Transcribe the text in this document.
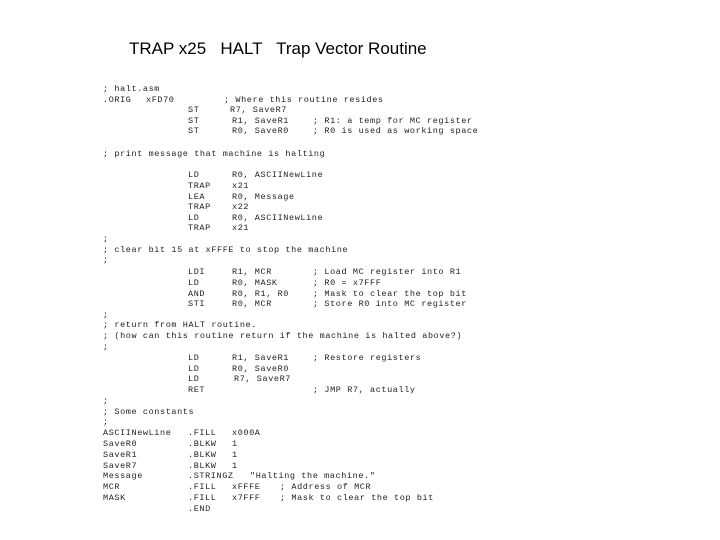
TRAP x25   HALT   Trap Vector Routine
; halt.asm
.ORIG xFD70	; Where this routine resides
ST	R7, SaveR7
ST	R1, SaveR1	; R1: a temp for MC register
ST	R0, SaveR0	; R0 is used as working space
; print message that machine is halting
LD	R0, ASCIINewLine
TRAP x21
LEA	R0, Message
TRAP x22
LD	R0, ASCIINewLine
TRAP x21
;
; clear bit 15 at xFFFE to stop the machine
;
LDI	R1, MCR	; Load MC register into R1
LD	R0, MASK	; R0 = x7FFF
AND	R0, R1, R0	; Mask to clear the top bit
STI	R0, MCR	; Store R0 into MC register
;
; return from HALT routine.
; (how can this routine return if the machine is halted above?)
;
LD	R1, SaveR1	; Restore registers
LD	R0, SaveR0
LD	R7, SaveR7
RET	; JMP R7, actually
;
; Some constants
;
ASCIINewLine .FILL x000A
SaveR0	.BLKW 1
SaveR1	.BLKW 1
SaveR7	.BLKW 1
Message	.STRINGZ "Halting the machine."
MCR	.FILL xFFFE ; Address of MCR
MASK	.FILL x7FFF ; Mask to clear the top bit
.END
